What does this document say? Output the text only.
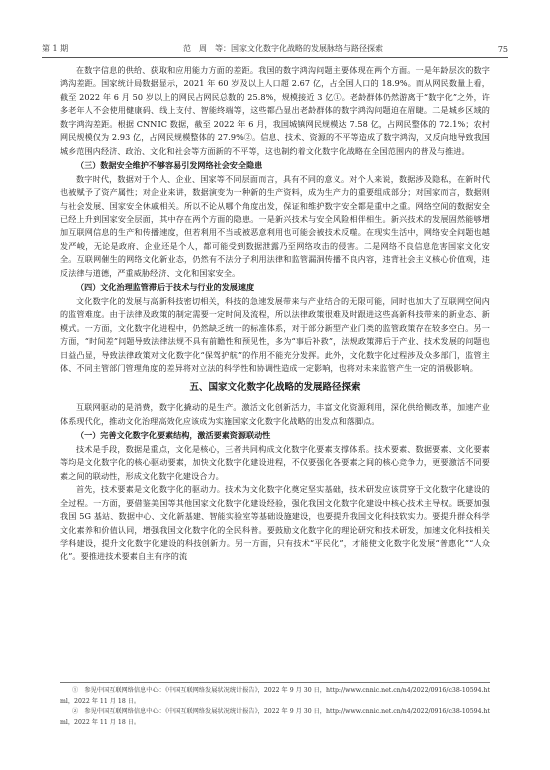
第 1 期	范　周　等：国家文化数字化战略的发展脉络与路径探索	75

在数字信息的供给、获取和应用能力方面的差距。我国的数字鸿沟问题主要体现在两个方面。一是年龄层次的数字鸿沟差距。国家统计局数据显示，2021 年 60 岁及以上人口超 2.67 亿，占全国人口的 18.9%。而从网民数量上看，截至 2022 年 6 月 50 岁以上的网民占网民总数的 25.8%，规模接近 3 亿①。老龄群体仍然游离于“数字化”之外，许多老年人不会使用健康码、线上支付、智能终端等，这些都凸显出老龄群体的数字鸿沟问题迫在眉睫。二是城乡区域的数字鸿沟差距。根据 CNNIC 数据，截至 2022 年 6 月，我国城镇网民规模达 7.58 亿，占网民整体的 72.1%；农村网民规模仅为 2.93 亿，占网民规模整体的 27.9%②。信息、技术、资源的不平等造成了数字鸿沟，又反向地导致我国城乡范围内经济、政治、文化和社会等方面新的不平等，这也制约着文化数字化战略在全国范围内的普及与推进。

（三）数据安全维护不够容易引发网络社会安全隐患

数字时代，数据对于个人、企业、国家等不同层面而言，具有不同的意义。对个人来说，数据涉及隐私，在新时代也被赋予了资产属性；对企业来讲，数据演变为一种新的生产资料，成为生产力的重要组成部分；对国家而言，数据则与社会发展、国家安全休戚相关。所以不论从哪个角度出发，保证和维护数字安全都是重中之重。网络空间的数据安全已经上升到国家安全层面，其中存在两个方面的隐患。一是新兴技术与安全风险相伴相生。新兴技术的发展固然能够增加互联网信息的生产和传播速度，但若利用不当或被恶意利用也可能会被技术反噬。在现实生活中，网络安全问题也越发严峻，无论是政府、企业还是个人，都可能受到数据泄露乃至网络攻击的侵害。二是网络不良信息危害国家文化安全。互联网催生的网络文化新业态，仍然有不法分子利用法律和监管漏洞传播不良内容，违背社会主义核心价值观，违反法律与道德，严重威胁经济、文化和国家安全。

（四）文化治理监管滞后于技术与行业的发展速度

文化数字化的发展与高新科技密切相关，科技的急速发展带来与产业结合的无限可能，同时也加大了互联网空间内的监管难度。由于法律及政策的制定需要一定时间及流程，所以法律政策很难及时跟进这些高新科技带来的新业态、新模式。一方面，文化数字化进程中，仍然缺乏统一的标准体系，对于部分新型产业门类的监管政策存在较多空白。另一方面，“时间差”问题导致法律法规不具有前瞻性和预见性，多为“事后补救”，法规政策滞后于产业、技术发展的问题也日益凸显，导致法律政策对文化数字化“保驾护航”的作用不能充分发挥。此外，文化数字化过程涉及众多部门，监管主体、不同主管部门管理角度的差异将对立法的科学性和协调性造成一定影响，也将对未来监管产生一定的消极影响。

五、国家文化数字化战略的发展路径探索

互联网驱动的是消费，数字化撬动的是生产。激活文化创新活力，丰富文化资源利用，深化供给侧改革，加速产业体系现代化，推动文化治理高效化应该成为实施国家文化数字化战略的出发点和落脚点。

（一）完善文化数字化要素结构，激活要素资源联动性

技术是手段，数据是重点，文化是核心，三者共同构成文化数字化要素支撑体系。技术要素、数据要素、文化要素等均是文化数字化的核心驱动要素，加快文化数字化建设进程，不仅要强化各要素之间的核心竞争力，更要激活不同要素之间的联动性，形成文化数字化建设合力。

首先，技术要素是文化数字化的驱动力。技术为文化数字化奠定坚实基础，技术研发应该贯穿于文化数字化建设的全过程。一方面，要借鉴美国等其他国家文化数字化建设经验，强化我国文化数字化建设中核心技术主导权。既要加强我国 5G 基站、数据中心、文化新基建、智能实验室等基础设施建设，也要提升我国文化科技软实力。要提升群众科学文化素养和价值认同，增强我国文化数字化的全民科普。要鼓励文化数字化的理论研究和技术研发，加速文化科技相关学科建设，提升文化数字化建设的科技创新力。另一方面，只有技术“平民化”，才能使文化数字化发展“普惠化”“人众化”。要推进技术要素自主有序的流

①　参见中国互联网络信息中心：《中国互联网络发展状况统计报告》，2022 年 9 月 30 日，http://www.cnnic.net.cn/n4/2022/0916/c38-10594.html，2022 年 11 月 18 日。

②　参见中国互联网络信息中心：《中国互联网络发展状况统计报告》，2022 年 9 月 30 日，http://www.cnnic.net.cn/n4/2022/0916/c38-10594.html，2022 年 11 月 18 日。
